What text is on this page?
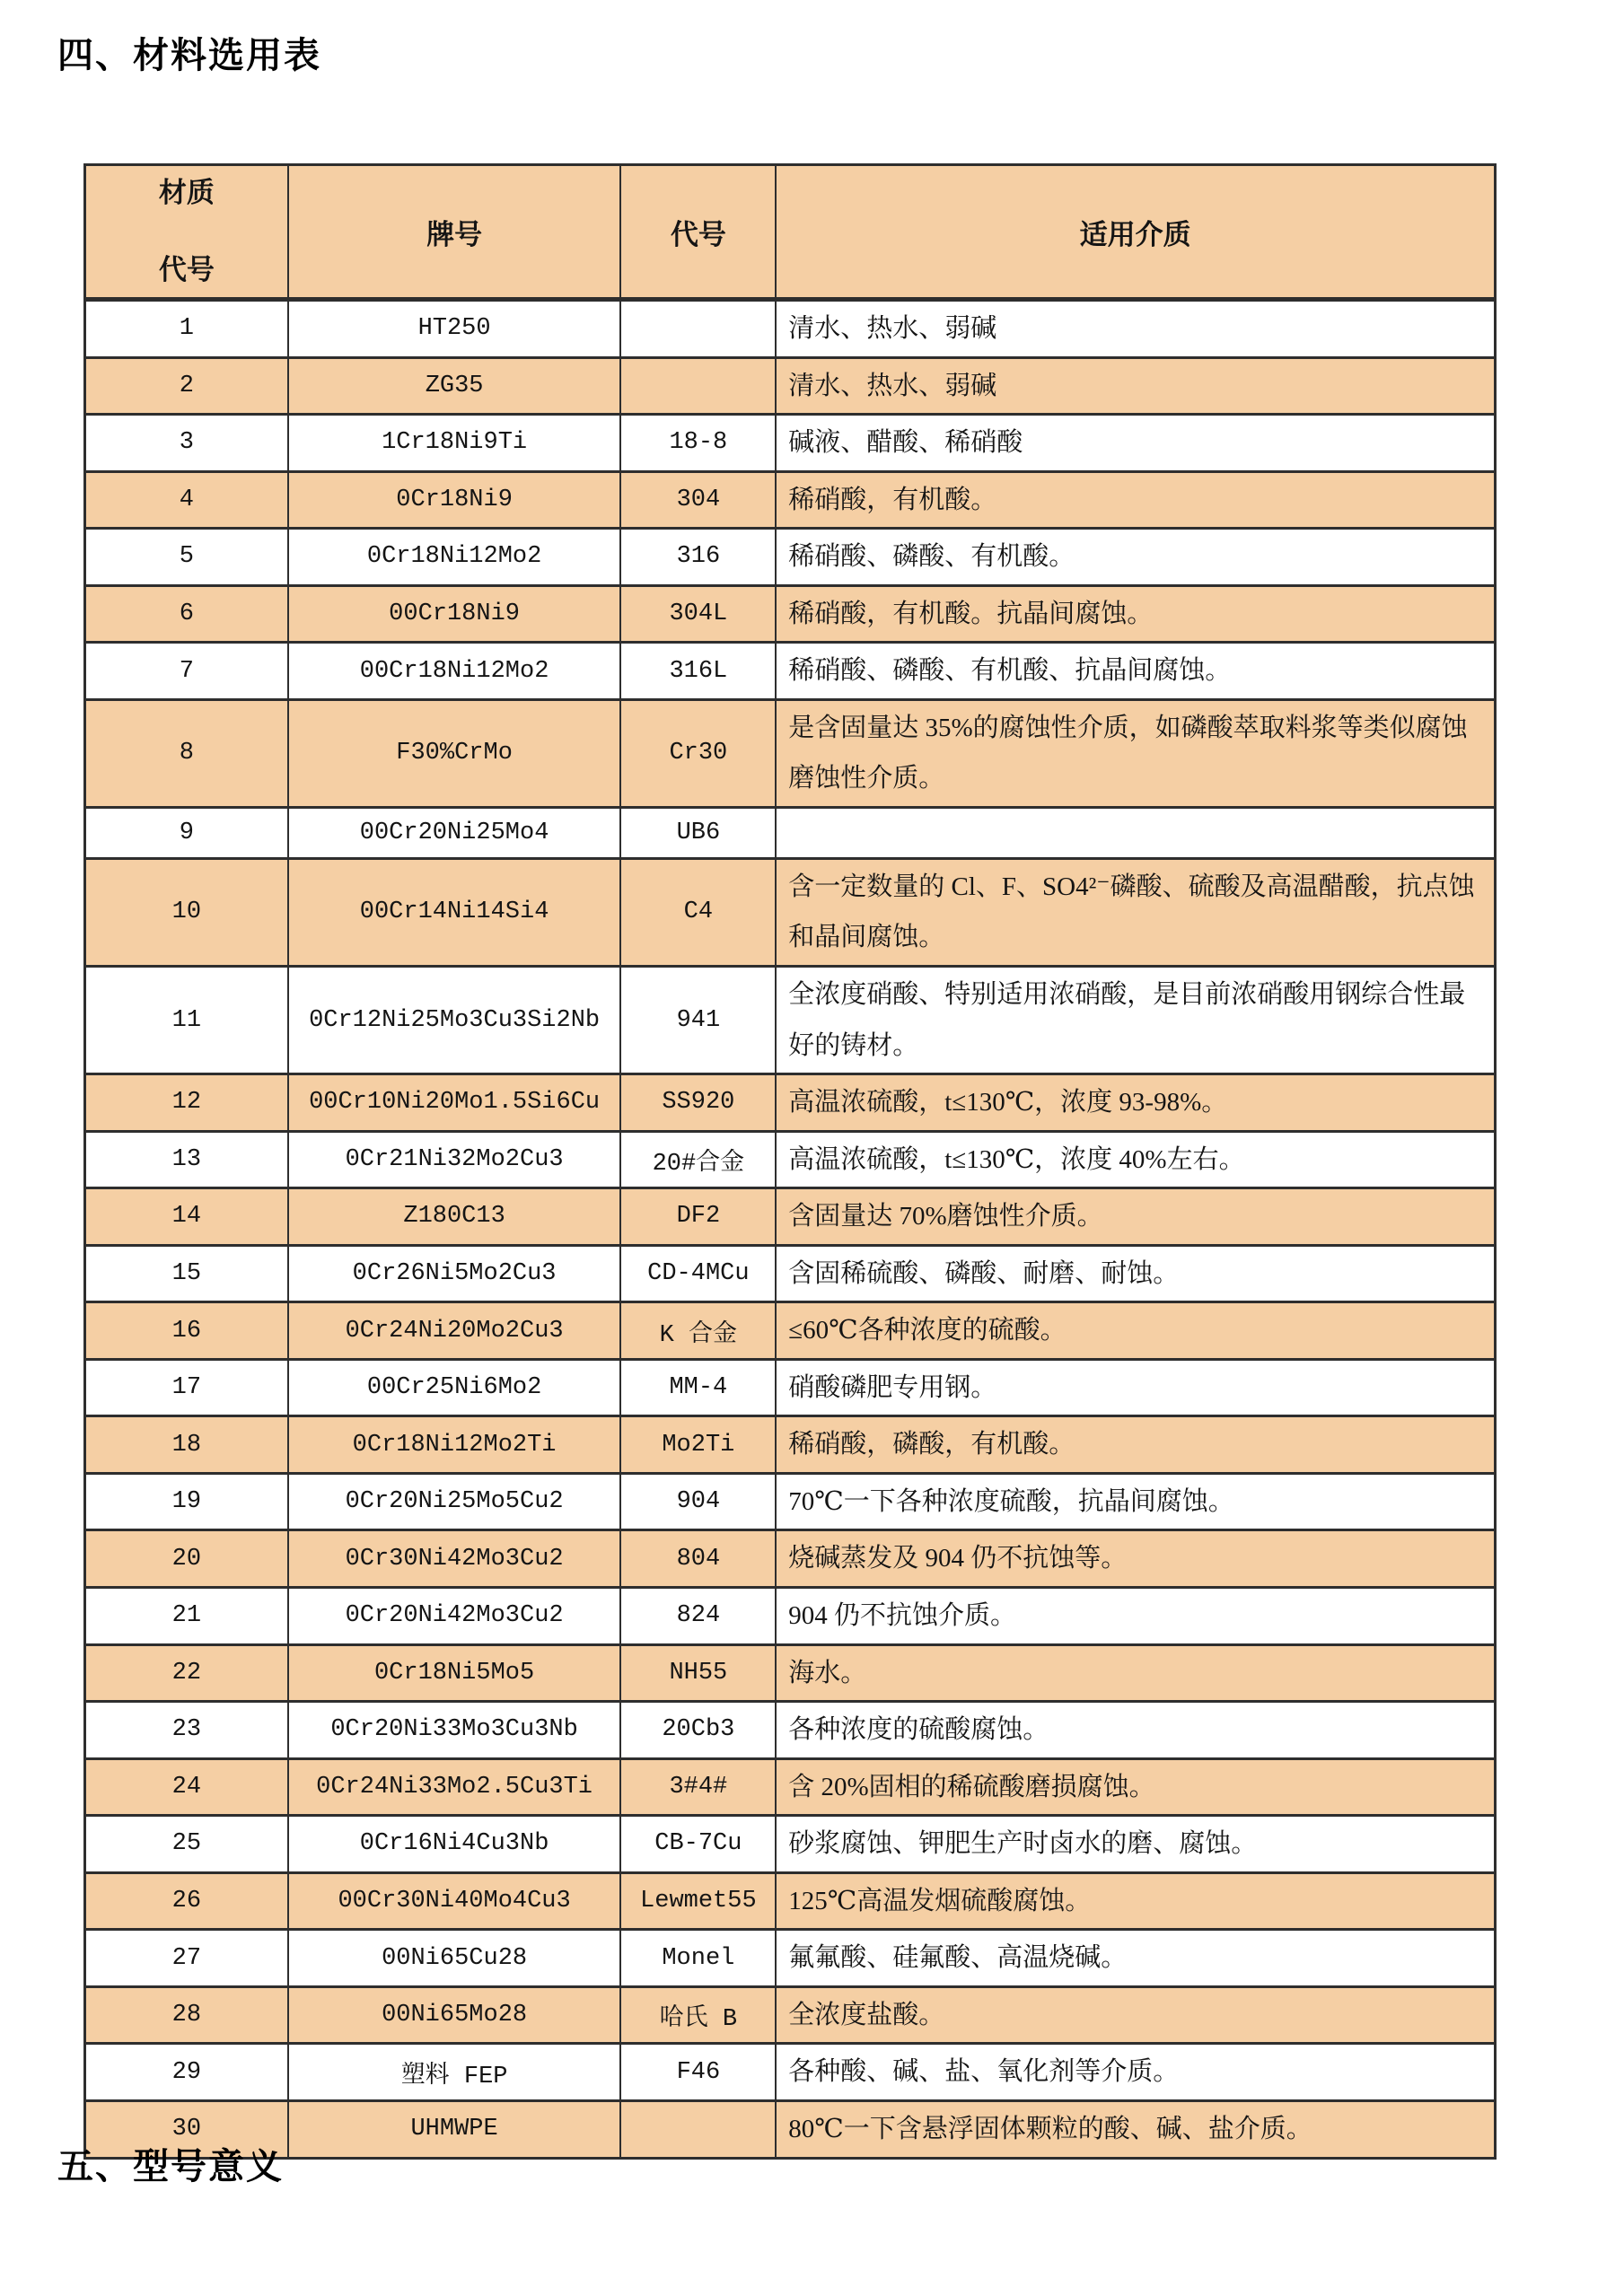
四、材料选用表
材质
代号	牌号	代号	适用介质
1	HT250		清水、热水、弱碱
2	ZG35		清水、热水、弱碱
3	1Cr18Ni9Ti	18-8	碱液、醋酸、稀硝酸
4	0Cr18Ni9	304	稀硝酸，有机酸。
5	0Cr18Ni12Mo2	316	稀硝酸、磷酸、有机酸。
6	00Cr18Ni9	304L	稀硝酸，有机酸。抗晶间腐蚀。
7	00Cr18Ni12Mo2	316L	稀硝酸、磷酸、有机酸、抗晶间腐蚀。
8	F30%CrMo	Cr30	是含固量达 35%的腐蚀性介质，如磷酸萃取料浆等类似腐蚀磨蚀性介质。
9	00Cr20Ni25Mo4	UB6	
10	00Cr14Ni14Si4	C4	含一定数量的 Cl、F、SO4²⁻磷酸、硫酸及高温醋酸，抗点蚀和晶间腐蚀。
11	0Cr12Ni25Mo3Cu3Si2Nb	941	全浓度硝酸、特别适用浓硝酸，是目前浓硝酸用钢综合性最好的铸材。
12	00Cr10Ni20Mo1.5Si6Cu	SS920	高温浓硫酸，t≤130℃，浓度 93-98%。
13	0Cr21Ni32Mo2Cu3	20#合金	高温浓硫酸，t≤130℃，浓度 40%左右。
14	Z180C13	DF2	含固量达 70%磨蚀性介质。
15	0Cr26Ni5Mo2Cu3	CD-4MCu	含固稀硫酸、磷酸、耐磨、耐蚀。
16	0Cr24Ni20Mo2Cu3	K 合金	≤60℃各种浓度的硫酸。
17	00Cr25Ni6Mo2	MM-4	硝酸磷肥专用钢。
18	0Cr18Ni12Mo2Ti	Mo2Ti	稀硝酸，磷酸，有机酸。
19	0Cr20Ni25Mo5Cu2	904	70℃一下各种浓度硫酸，抗晶间腐蚀。
20	0Cr30Ni42Mo3Cu2	804	烧碱蒸发及 904 仍不抗蚀等。
21	0Cr20Ni42Mo3Cu2	824	904 仍不抗蚀介质。
22	0Cr18Ni5Mo5	NH55	海水。
23	0Cr20Ni33Mo3Cu3Nb	20Cb3	各种浓度的硫酸腐蚀。
24	0Cr24Ni33Mo2.5Cu3Ti	3#4#	含 20%固相的稀硫酸磨损腐蚀。
25	0Cr16Ni4Cu3Nb	CB-7Cu	砂浆腐蚀、钾肥生产时卤水的磨、腐蚀。
26	00Cr30Ni40Mo4Cu3	Lewmet55	125℃高温发烟硫酸腐蚀。
27	00Ni65Cu28	Monel	氟氟酸、硅氟酸、高温烧碱。
28	00Ni65Mo28	哈氏 B	全浓度盐酸。
29	塑料 FEP	F46	各种酸、碱、盐、氧化剂等介质。
30	UHMWPE		80℃一下含悬浮固体颗粒的酸、碱、盐介质。
五、型号意义
